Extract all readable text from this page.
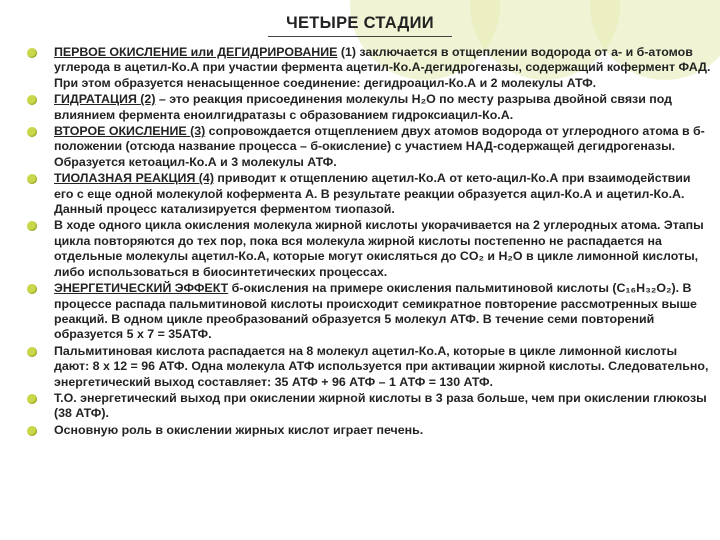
ЧЕТЫРЕ СТАДИИ
ПЕРВОЕ ОКИСЛЕНИЕ или ДЕГИДРИРОВАНИЕ (1) заключается в отщеплении водорода от а- и б-атомов углерода в ацетил-Ко.А при участии фермента ацетил-Ко.А-дегидрогеназы, содержащий кофермент ФАД. При этом образуется ненасыщенное соединение: дегидроацил-Ко.А и 2 молекулы АТФ.
ГИДРАТАЦИЯ (2) – это реакция присоединения молекулы H₂O по месту разрыва двойной связи под влиянием фермента еноилгидратазы с образованием гидроксиацил-Ко.А.
ВТОРОЕ ОКИСЛЕНИЕ (3) сопровождается отщеплением двух атомов водорода от углеродного атома в б-положении (отсюда название процесса – б-окисление) с участием НАД-содержащей дегидрогеназы. Образуется кетоацил-Ко.А и 3 молекулы АТФ.
ТИОЛАЗНАЯ РЕАКЦИЯ (4) приводит к отщеплению ацетил-Ко.А от кето-ацил-Ко.А при взаимодействии его с еще одной молекулой кофермента А. В результате реакции образуется ацил-Ко.А и ацетил-Ко.А. Данный процесс катализируется ферментом тиопазой.
В ходе одного цикла окисления молекула жирной кислоты укорачивается на 2 углеродных атома. Этапы цикла повторяются до тех пор, пока вся молекула жирной кислоты постепенно не распадается на отдельные молекулы ацетил-Ко.А, которые могут окисляться до CO₂ и H₂O в цикле лимонной кислоты, либо использоваться в биосинтетических процессах.
ЭНЕРГЕТИЧЕСКИЙ ЭФФЕКТ б-окисления на примере окисления пальмитиновой кислоты (C₁₆H₃₂O₂). В процессе распада пальмитиновой кислоты происходит семикратное повторение рассмотренных выше реакций. В одном цикле преобразований образуется 5 молекул АТФ. В течение семи повторений образуется 5 х 7 = 35АТФ.
Пальмитиновая кислота распадается на 8 молекул ацетил-Ко.А, которые в цикле лимонной кислоты дают: 8 х 12 = 96 АТФ. Одна молекула АТФ используется при активации жирной кислоты. Следовательно, энергетический выход составляет: 35 АТФ + 96 АТФ – 1 АТФ = 130 АТФ.
Т.О. энергетический выход при окислении жирной кислоты в 3 раза больше, чем при окислении глюкозы (38 АТФ).
Основную роль в окислении жирных кислот играет печень.
